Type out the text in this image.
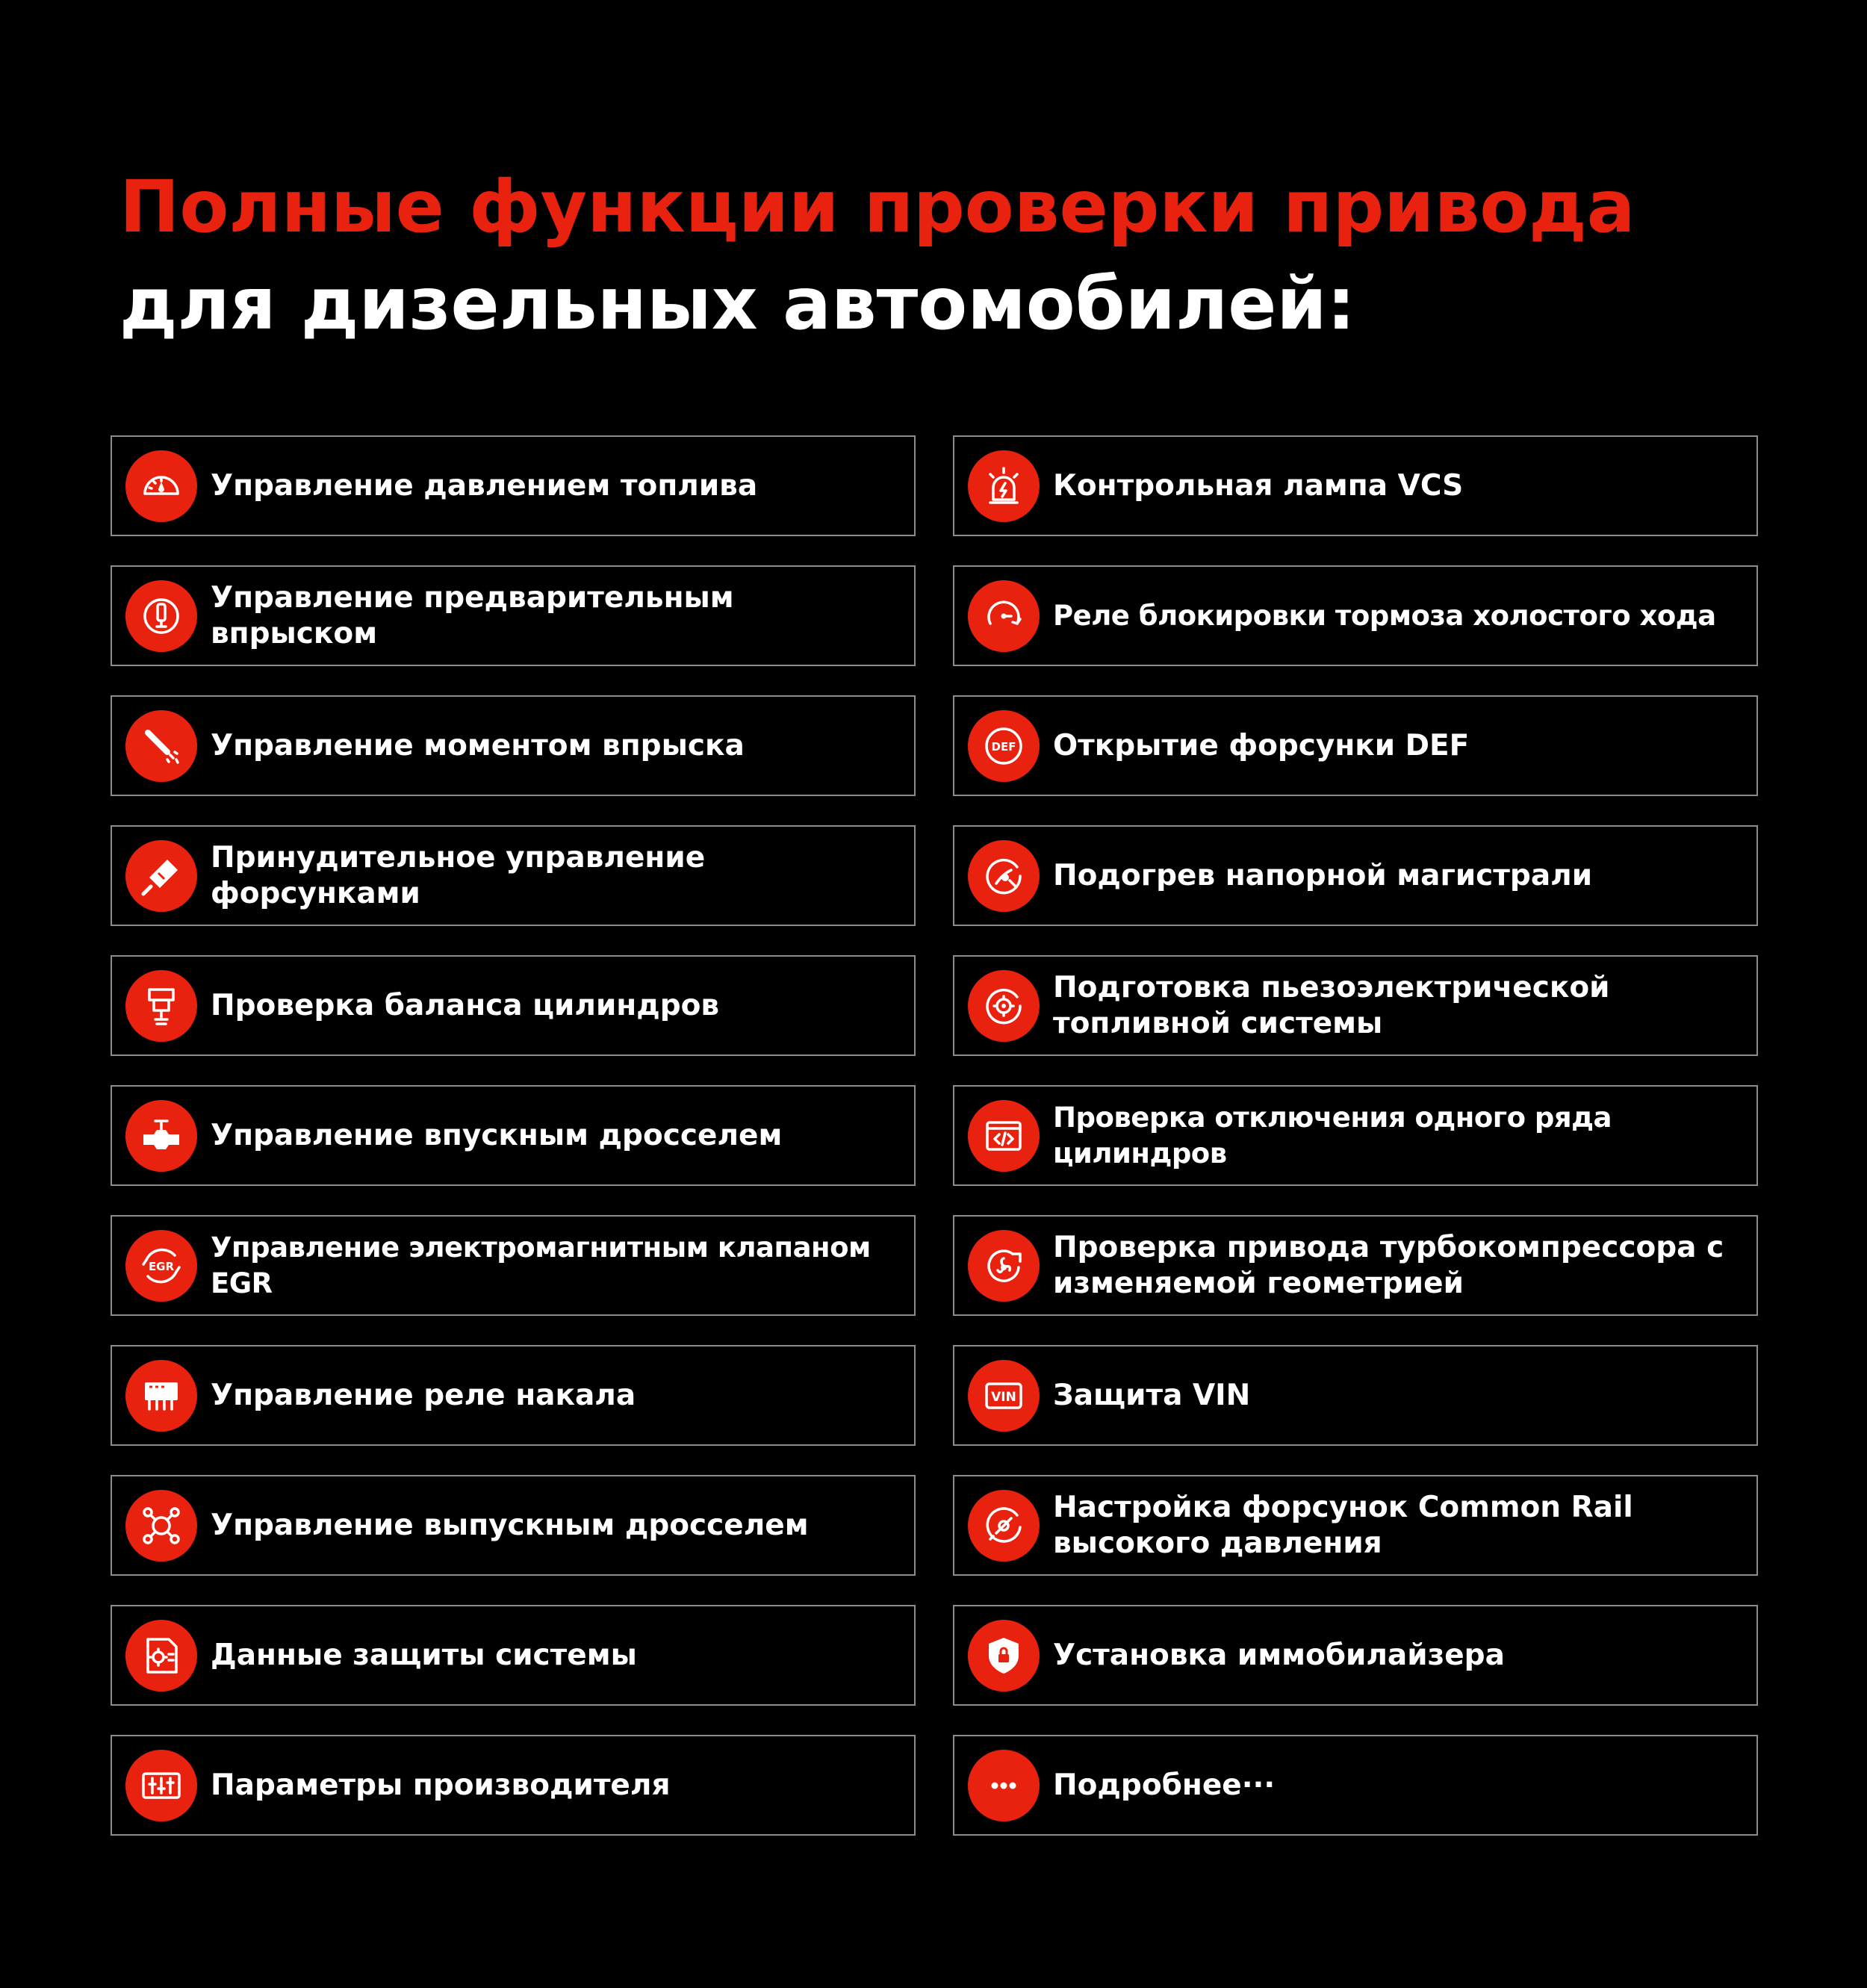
Полные функции проверки привода
для дизельных автомобилей:
Управление давлением топлива	Контрольная лампа VCS
Управление предварительным впрыском
Реле блокировки тормоза холостого хода
Управление моментом впрыска	DEF Открытие форсунки DEF
Принудительное управление форсунками
Подогрев напорной магистрали
Проверка баланса цилиндров
Подготовка пьезоэлектрической топливной системы
Управление впускным дросселем
Проверка отключения одного ряда цилиндров
EGR
Управление электромагнитным клапаном EGR
Проверка привода турбокомпрессора с изменяемой геометрией
Управление реле накала	VIN Защита VIN
Управление выпускным дросселем
Настройка форсунок Common Rail высокого давления
Данные защиты системы	Установка иммобилайзера
Параметры производителя	Подробнее···
